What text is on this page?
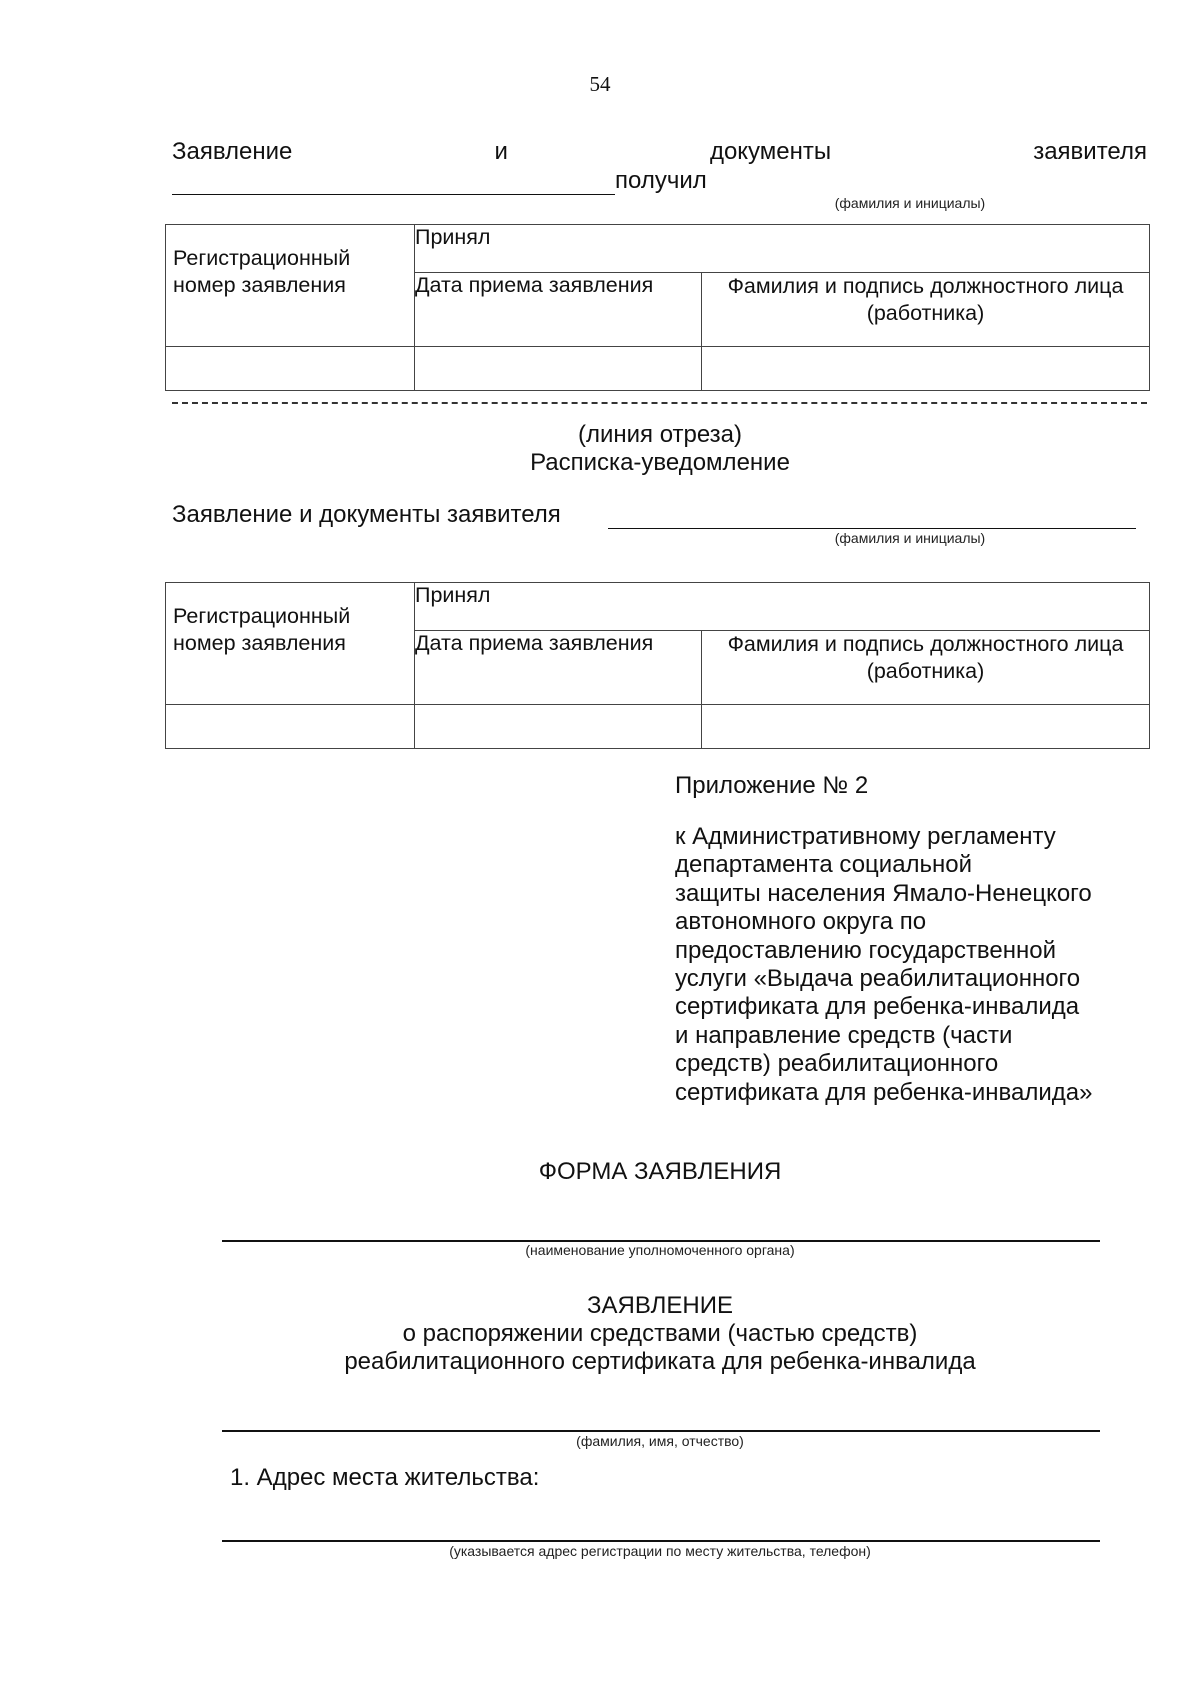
54
Заявление	и	документы	заявителя
получил
(фамилия и инициалы)
Регистрационный номер заявления	Принял	
	Дата приема заявления	Фамилия и подпись должностного лица (работника)

(линия отреза)
Расписка-уведомление
Заявление и документы заявителя
(фамилия и инициалы)
Регистрационный номер заявления	Принял	
	Дата приема заявления	Фамилия и подпись должностного лица (работника)

Приложение № 2
к Административному регламенту
департамента социальной
защиты населения Ямало-Ненецкого
автономного округа по
предоставлению государственной
услуги «Выдача реабилитационного
сертификата для ребенка-инвалида
и направление средств (части
средств) реабилитационного
сертификата для ребенка-инвалида»
ФОРМА ЗАЯВЛЕНИЯ
(наименование уполномоченного органа)
ЗАЯВЛЕНИЕ
о распоряжении средствами (частью средств)
реабилитационного сертификата для ребенка-инвалида
(фамилия, имя, отчество)
1. Адрес места жительства:
(указывается адрес регистрации по месту жительства, телефон)
